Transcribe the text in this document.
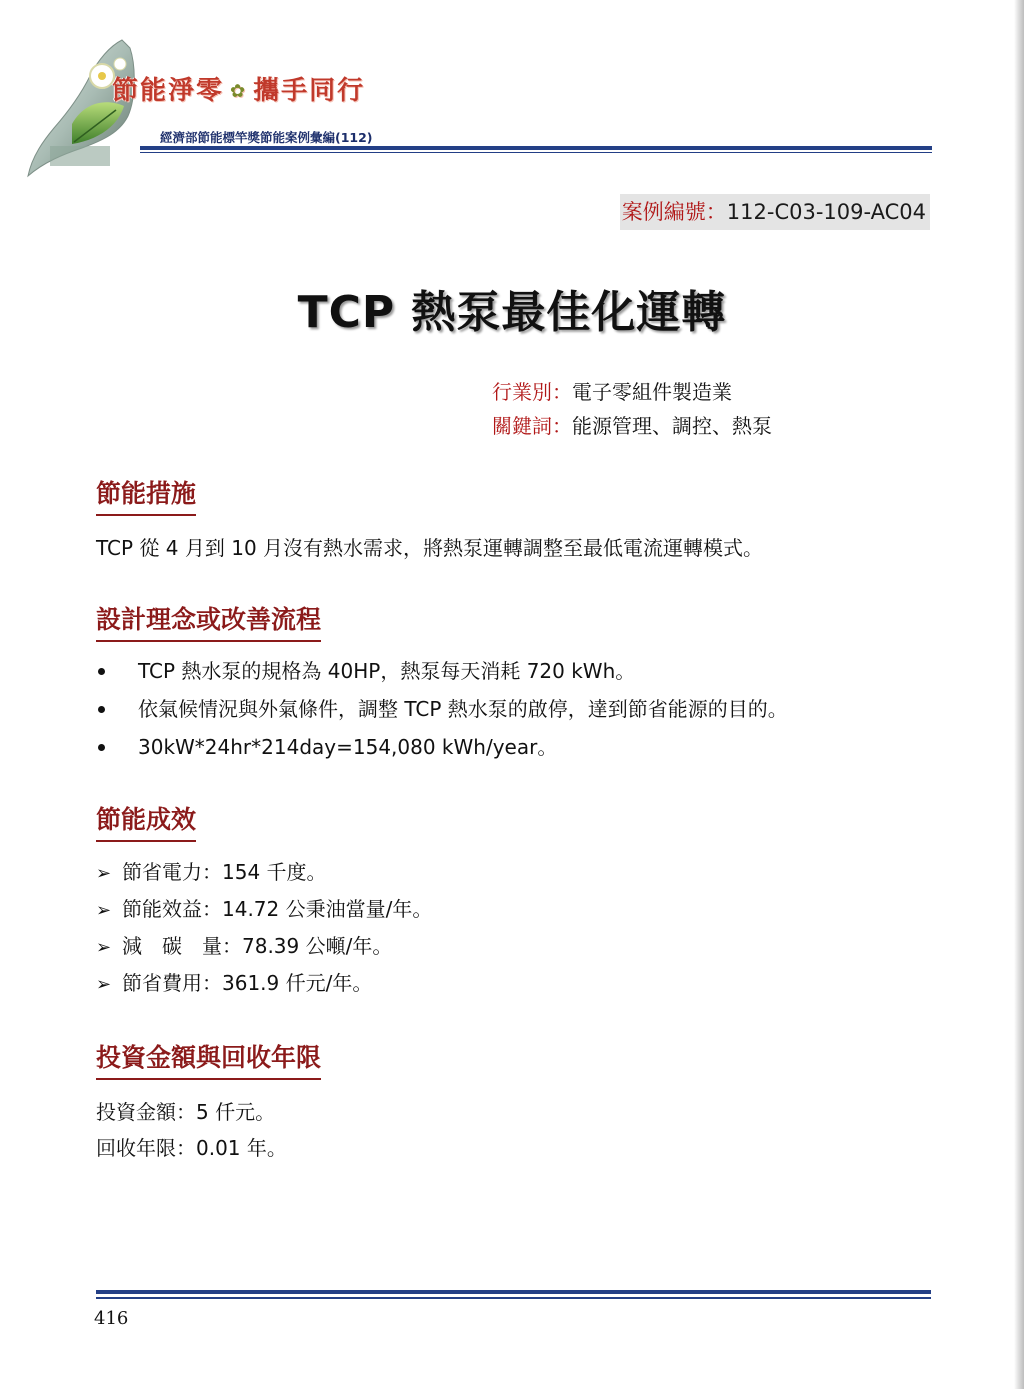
節能淨零 ✿ 攜手同行
經濟部節能標竿獎節能案例彙編(112)
案例編號：112-C03-109-AC04
TCP 熱泵最佳化運轉
行業別：電子零組件製造業
關鍵詞：能源管理、調控、熱泵
節能措施
TCP 從 4 月到 10 月沒有熱水需求，將熱泵運轉調整至最低電流運轉模式。
設計理念或改善流程
TCP 熱水泵的規格為 40HP，熱泵每天消耗 720 kWh。
依氣候情況與外氣條件，調整 TCP 熱水泵的啟停，達到節省能源的目的。
30kW*24hr*214day=154,080 kWh/year。
節能成效
➢ 節省電力：154 千度。
➢ 節能效益：14.72 公秉油當量/年。
➢ 減　碳　量：78.39 公噸/年。
➢ 節省費用：361.9 仟元/年。
投資金額與回收年限
投資金額：5 仟元。
回收年限：0.01 年。
416
